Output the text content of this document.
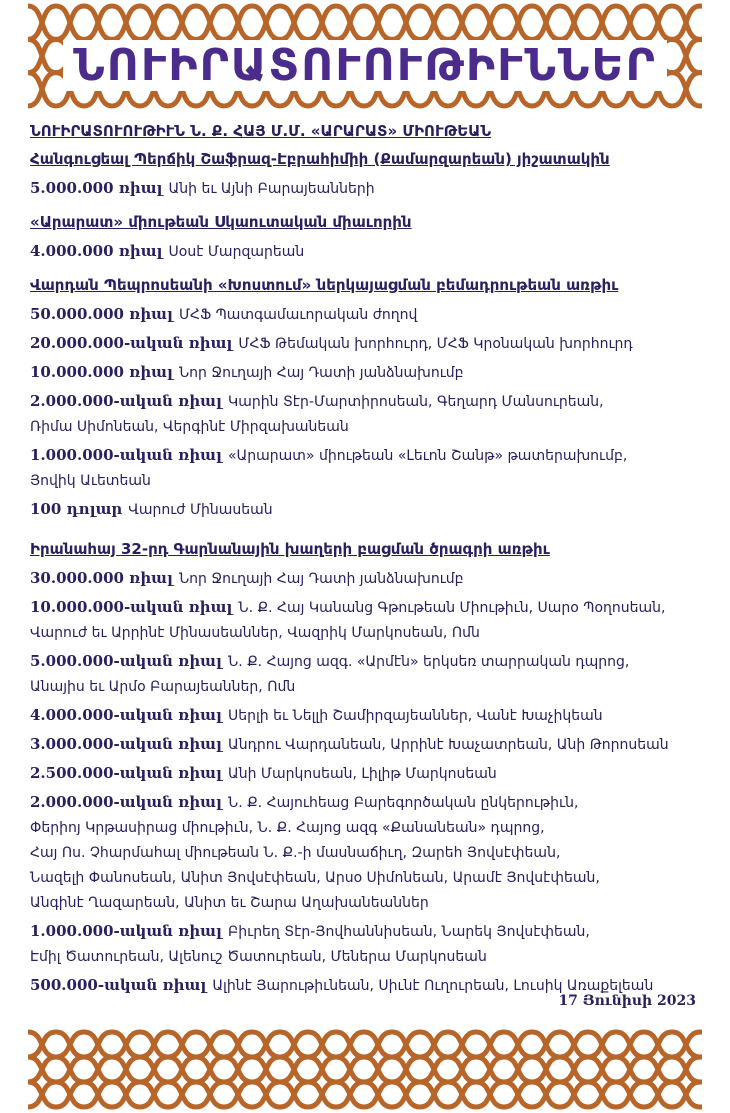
ՆՈՒԻՐԱՏՈՒՈՒԹԻՒՆՆԵՐ

ՆՈՒԻՐԱՏՈՒՈՒԹԻՒՆ Ն. Ք. ՀԱՅ Մ.Մ. «ԱՐԱՐԱՏ» ՄԻՈՒԹԵԱՆ

Հանգուցեալ Պերճիկ Շաֆրազ-Էբրահիմիի (Քամարզարեան) յիշատակին

5.000.000 ռիալ Անի եւ Այնի Բարայեանների

«Արարատ» միութեան Սկաուտական միաւորին

4.000.000 ռիալ Սօսէ Մարզարեան

Վարդան Պեպրոսեանի «Խոստում» ներկայացման բեմադրութեան առթիւ

50.000.000 ռիալ ՄՀՖ Պատգամաւորական ժողով

20.000.000-ական ռիալ ՄՀՖ Թեմական խորհուրդ, ՄՀՖ Կրօնական խորհուրդ

10.000.000 ռիալ Նոր Ջուղայի Հայ Դատի յանձնախումբ

2.000.000-ական ռիալ Կարին Տէր-Մարտիրոսեան, Գեղարդ Մանսուրեան,
Ռիմա Սիմոնեան, Վերգինէ Միրզախանեան

1.000.000-ական ռիալ «Արարատ» միութեան «Լեւոն Շանթ» թատերախումբ,
Յովիկ Աւետեան

100 դոլար Վարուժ Մինասեան

Իրանահայ 32-րդ Գարնանային խաղերի բացման ծրագրի առթիւ

30.000.000 ռիալ Նոր Ջուղայի Հայ Դատի յանձնախումբ

10.000.000-ական ռիալ Ն. Ք. Հայ Կանանց Գթութեան Միութիւն, Սարօ Պօղոսեան,
Վարուժ եւ Արրինէ Մինասեաններ, Վազրիկ Մարկոսեան, Ոմն

5.000.000-ական ռիալ Ն. Ք. Հայոց ազգ. «Արմէն» երկսեռ տարրական դպրոց,
Անայիս եւ Արմօ Բարայեաններ, Ոմն

4.000.000-ական ռիալ Սերլի եւ Նելլի Շամիրզայեաններ, Վանէ Խաչիկեան

3.000.000-ական ռիալ Անդրու Վարդանեան, Արրինէ Խաչատրեան, Անի Թորոսեան

2.500.000-ական ռիալ Անի Մարկոսեան, Լիլիթ Մարկոսեան

2.000.000-ական ռիալ Ն. Ք. Հայուհեաց Բարեգործական ընկերութիւն,
Փերիոյ Կրթասիրաց միութիւն, Ն. Ք. Հայոց ազգ «Քանանեան» դպրոց,
Հայ Ոս. Չհարմահալ միութեան Ն. Ք.-ի մասնաճիւղ, Զարեհ Յովսէփեան,
Նազելի Փանոսեան, Անիտ Յովսէփեան, Արսօ Սիմոնեան, Արամէ Յովսէփեան,
Անգինէ Ղազարեան, Անիտ եւ Շարա Աղախանեաններ

1.000.000-ական ռիալ Բիւրեղ Տէր-Յովհաննիսեան, Նարեկ Յովսէփեան,
Էմիլ Ծատուրեան, Ալենուշ Ծատուրեան, Մեներա Մարկոսեան

500.000-ական ռիալ Ալինէ Յարութիւնեան, Սիւնէ Ուղուրեան, Լուսիկ Առաքելեան

17 Յունիսի 2023
